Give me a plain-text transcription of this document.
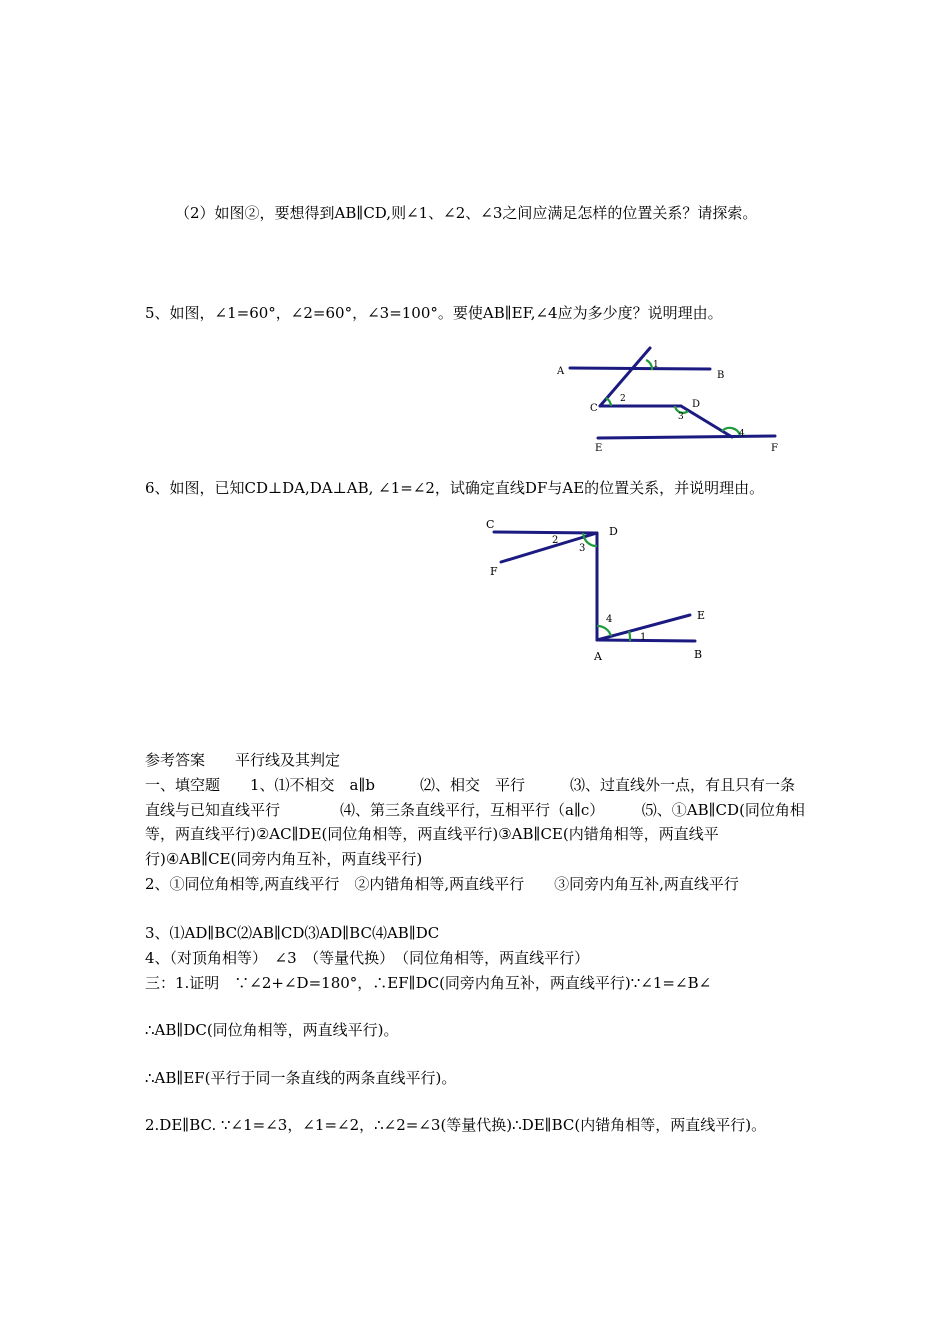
（2）如图②，要想得到AB∥CD,则∠1、∠2、∠3之间应满足怎样的位置关系？请探索。
5、如图，∠1=60°，∠2=60°，∠3=100°。要使AB∥EF,∠4应为多少度？说明理由。
A	B
C	D
E	F
1
2
3
4
6、如图，已知CD⊥DA,DA⊥AB, ∠1=∠2，试确定直线DF与AE的位置关系，并说明理由。
C
D
F
E
A	B
2
3
4
1
参考答案　　平行线及其判定
一、填空题　　1、⑴不相交　a∥b　　　⑵、相交　平行　　　⑶、过直线外一点，有且只有一条直线与已知直线平行　　　　⑷、第三条直线平行，互相平行（a∥c）　　　⑸、①AB∥CD(同位角相等，两直线平行)②AC∥DE(同位角相等，两直线平行)③AB∥CE(内错角相等，两直线平行)④AB∥CE(同旁内角互补，两直线平行)
2、①同位角相等,两直线平行　②内错角相等,两直线平行　　③同旁内角互补,两直线平行
3、⑴AD∥BC⑵AB∥CD⑶AD∥BC⑷AB∥DC
4、（对顶角相等）　∠3　（等量代换）　（同位角相等，两直线平行）
三：1.证明　∵∠2+∠D=180°，∴EF∥DC(同旁内角互补，两直线平行)∵∠1=∠B∠
∴AB∥DC(同位角相等，两直线平行)。
∴AB∥EF(平行于同一条直线的两条直线平行)。
2.DE∥BC. ∵∠1=∠3，∠1=∠2，∴∠2=∠3(等量代换)∴DE∥BC(内错角相等，两直线平行)。
